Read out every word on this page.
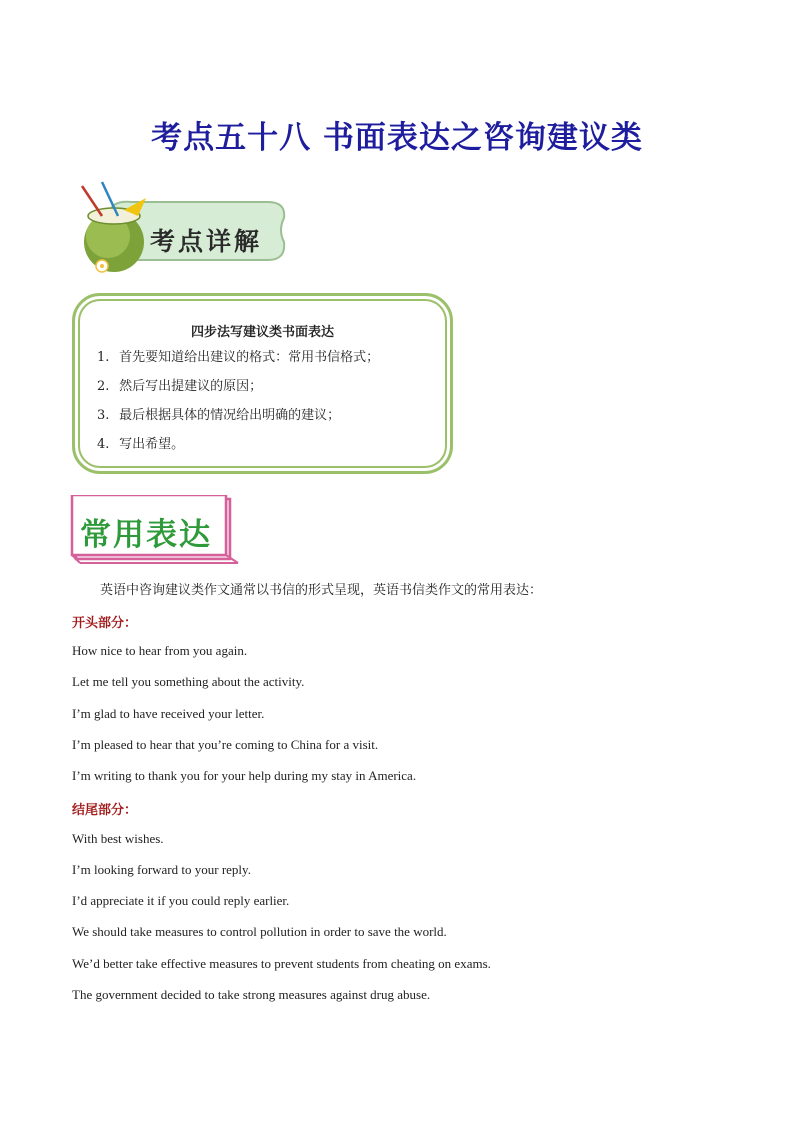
考点五十八 书面表达之咨询建议类
考点详解
四步法写建议类书面表达
1. 首先要知道给出建议的格式：常用书信格式；
2. 然后写出提建议的原因；
3. 最后根据具体的情况给出明确的建议；
4. 写出希望。
常用表达
英语中咨询建议类作文通常以书信的形式呈现，英语书信类作文的常用表达：
开头部分：
How nice to hear from you again.
Let me tell you something about the activity.
I’m glad to have received your letter.
I’m pleased to hear that you’re coming to China for a visit.
I’m writing to thank you for your help during my stay in America.
结尾部分：
With best wishes.
I’m looking forward to your reply.
I’d appreciate it if you could reply earlier.
We should take measures to control pollution in order to save the world.
We’d better take effective measures to prevent students from cheating on exams.
The government decided to take strong measures against drug abuse.
